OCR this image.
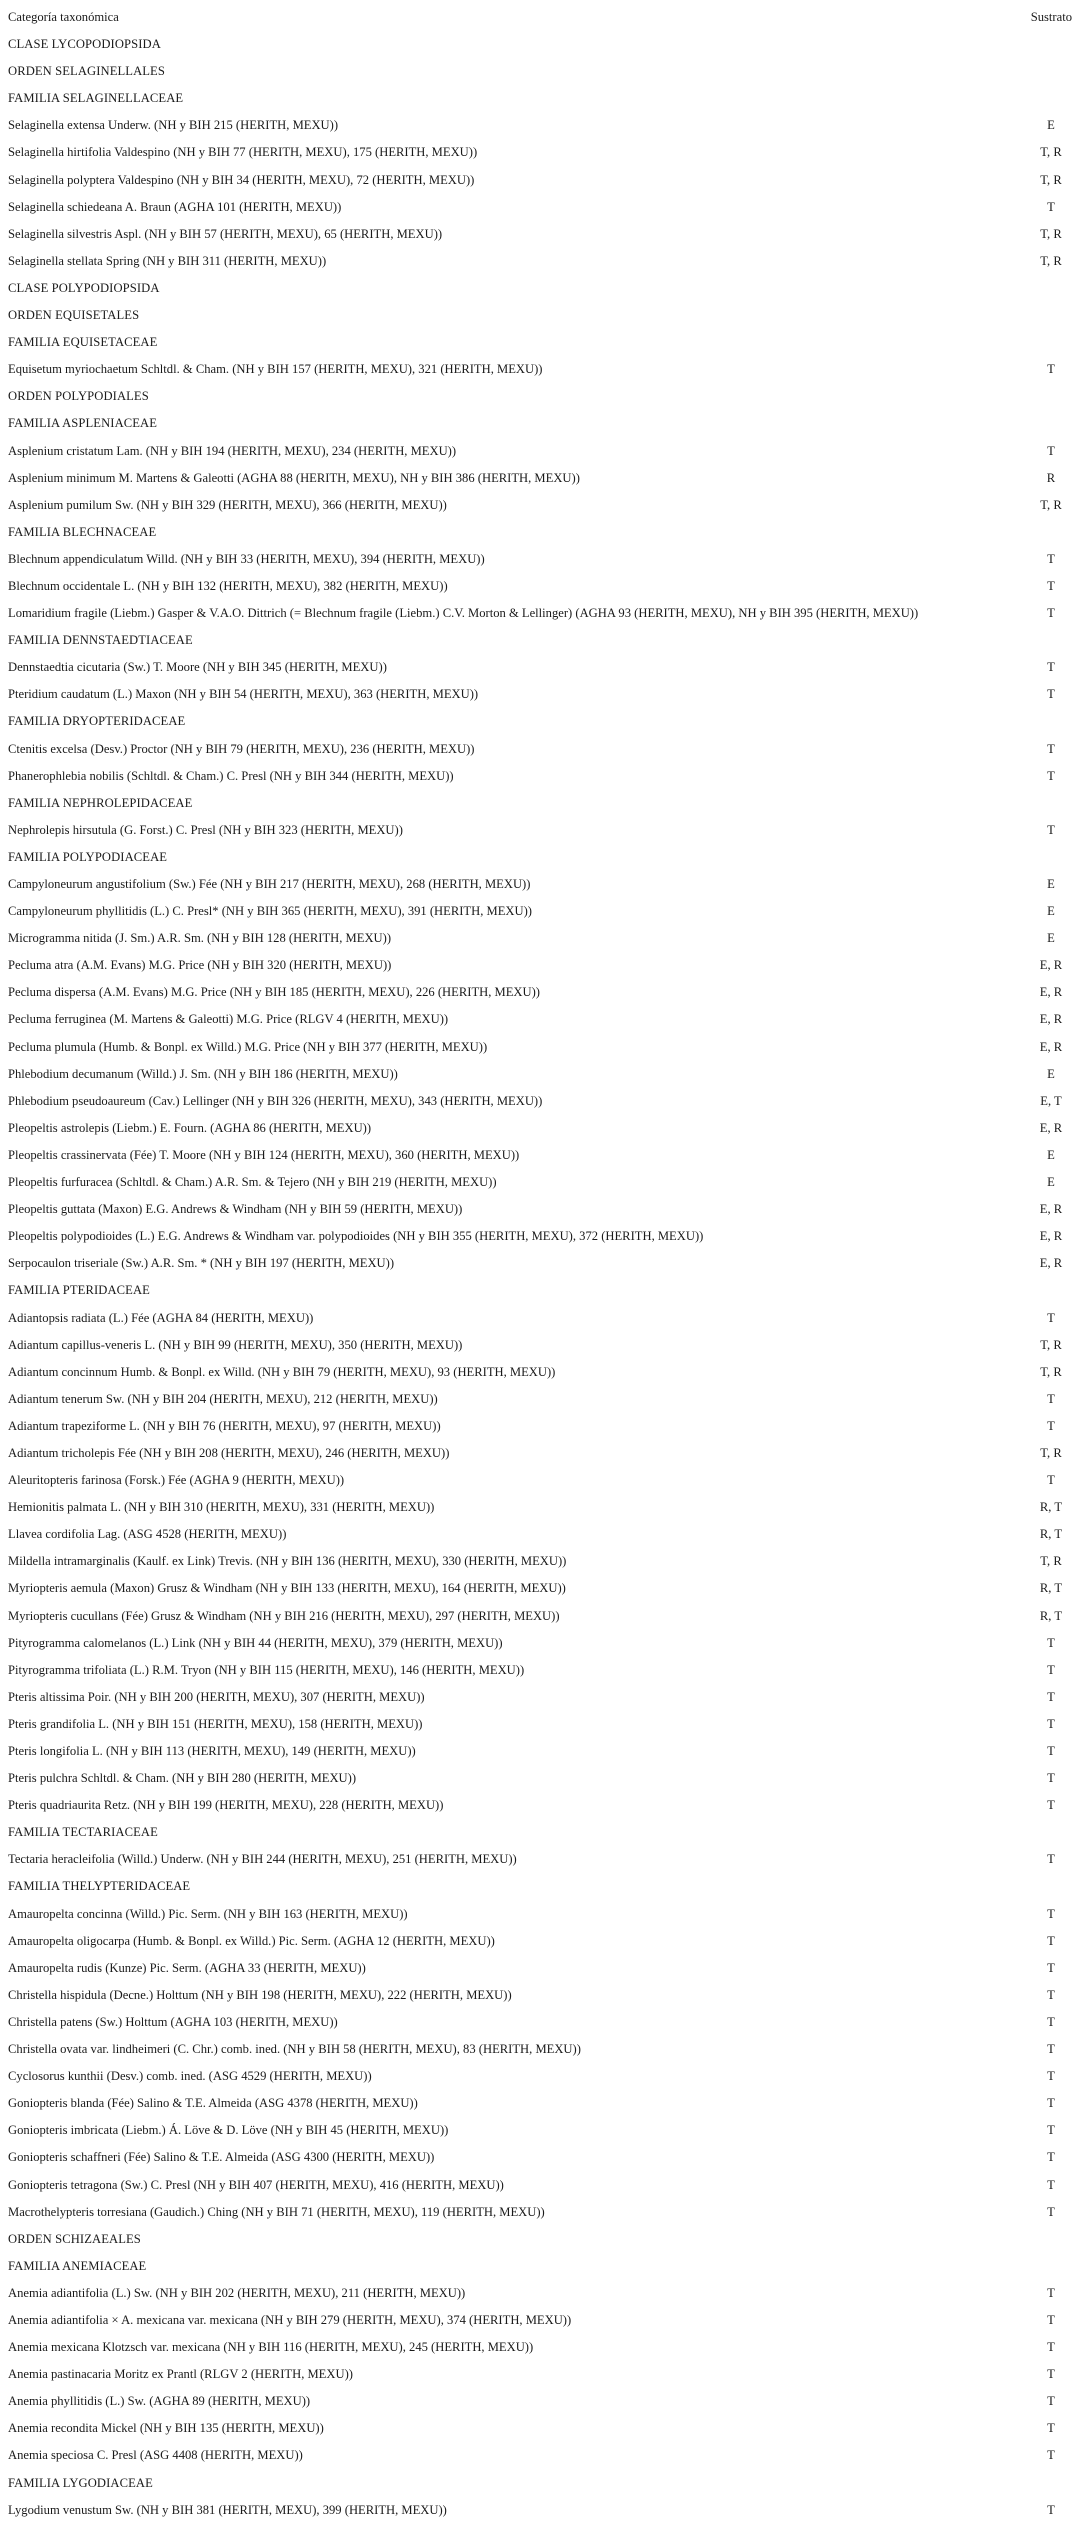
Categoría taxonómica	Sustrato
CLASE LYCOPODIOPSIDA
ORDEN SELAGINELLALES
FAMILIA SELAGINELLACEAE
Selaginella extensa Underw. (NH y BIH 215 (HERITH, MEXU))	E
Selaginella hirtifolia Valdespino (NH y BIH 77 (HERITH, MEXU), 175 (HERITH, MEXU))	T, R
Selaginella polyptera Valdespino (NH y BIH 34 (HERITH, MEXU), 72 (HERITH, MEXU))	T, R
Selaginella schiedeana A. Braun (AGHA 101 (HERITH, MEXU))	T
Selaginella silvestris Aspl. (NH y BIH 57 (HERITH, MEXU), 65 (HERITH, MEXU))	T, R
Selaginella stellata Spring (NH y BIH 311 (HERITH, MEXU))	T, R
CLASE POLYPODIOPSIDA
ORDEN EQUISETALES
FAMILIA EQUISETACEAE
Equisetum myriochaetum Schltdl. & Cham. (NH y BIH 157 (HERITH, MEXU), 321 (HERITH, MEXU))	T
ORDEN POLYPODIALES
FAMILIA ASPLENIACEAE
Asplenium cristatum Lam. (NH y BIH 194 (HERITH, MEXU), 234 (HERITH, MEXU))	T
Asplenium minimum M. Martens & Galeotti (AGHA 88 (HERITH, MEXU), NH y BIH 386 (HERITH, MEXU))	R
Asplenium pumilum Sw. (NH y BIH 329 (HERITH, MEXU), 366 (HERITH, MEXU))	T, R
FAMILIA BLECHNACEAE
Blechnum appendiculatum Willd. (NH y BIH 33 (HERITH, MEXU), 394 (HERITH, MEXU))	T
Blechnum occidentale L. (NH y BIH 132 (HERITH, MEXU), 382 (HERITH, MEXU))	T
Lomaridium fragile (Liebm.) Gasper & V.A.O. Dittrich (= Blechnum fragile (Liebm.) C.V. Morton & Lellinger) (AGHA 93 (HERITH, MEXU), NH y BIH 395 (HERITH, MEXU))	T
FAMILIA DENNSTAEDTIACEAE
Dennstaedtia cicutaria (Sw.) T. Moore (NH y BIH 345 (HERITH, MEXU))	T
Pteridium caudatum (L.) Maxon (NH y BIH 54 (HERITH, MEXU), 363 (HERITH, MEXU))	T
FAMILIA DRYOPTERIDACEAE
Ctenitis excelsa (Desv.) Proctor (NH y BIH 79 (HERITH, MEXU), 236 (HERITH, MEXU))	T
Phanerophlebia nobilis (Schltdl. & Cham.) C. Presl (NH y BIH 344 (HERITH, MEXU))	T
FAMILIA NEPHROLEPIDACEAE
Nephrolepis hirsutula (G. Forst.) C. Presl (NH y BIH 323 (HERITH, MEXU))	T
FAMILIA POLYPODIACEAE
Campyloneurum angustifolium (Sw.) Fée (NH y BIH 217 (HERITH, MEXU), 268 (HERITH, MEXU))	E
Campyloneurum phyllitidis (L.) C. Presl* (NH y BIH 365 (HERITH, MEXU), 391 (HERITH, MEXU))	E
Microgramma nitida (J. Sm.) A.R. Sm. (NH y BIH 128 (HERITH, MEXU))	E
Pecluma atra (A.M. Evans) M.G. Price (NH y BIH 320 (HERITH, MEXU))	E, R
Pecluma dispersa (A.M. Evans) M.G. Price (NH y BIH 185 (HERITH, MEXU), 226 (HERITH, MEXU))	E, R
Pecluma ferruginea (M. Martens & Galeotti) M.G. Price (RLGV 4 (HERITH, MEXU))	E, R
Pecluma plumula (Humb. & Bonpl. ex Willd.) M.G. Price (NH y BIH 377 (HERITH, MEXU))	E, R
Phlebodium decumanum (Willd.) J. Sm. (NH y BIH 186 (HERITH, MEXU))	E
Phlebodium pseudoaureum (Cav.) Lellinger (NH y BIH 326 (HERITH, MEXU), 343 (HERITH, MEXU))	E, T
Pleopeltis astrolepis (Liebm.) E. Fourn. (AGHA 86 (HERITH, MEXU))	E, R
Pleopeltis crassinervata (Fée) T. Moore (NH y BIH 124 (HERITH, MEXU), 360 (HERITH, MEXU))	E
Pleopeltis furfuracea (Schltdl. & Cham.) A.R. Sm. & Tejero (NH y BIH 219 (HERITH, MEXU))	E
Pleopeltis guttata (Maxon) E.G. Andrews & Windham (NH y BIH 59 (HERITH, MEXU))	E, R
Pleopeltis polypodioides (L.) E.G. Andrews & Windham var. polypodioides (NH y BIH 355 (HERITH, MEXU), 372 (HERITH, MEXU))	E, R
Serpocaulon triseriale (Sw.) A.R. Sm. * (NH y BIH 197 (HERITH, MEXU))	E, R
FAMILIA PTERIDACEAE
Adiantopsis radiata (L.) Fée (AGHA 84 (HERITH, MEXU))	T
Adiantum capillus-veneris L. (NH y BIH 99 (HERITH, MEXU), 350 (HERITH, MEXU))	T, R
Adiantum concinnum Humb. & Bonpl. ex Willd. (NH y BIH 79 (HERITH, MEXU), 93 (HERITH, MEXU))	T, R
Adiantum tenerum Sw. (NH y BIH 204 (HERITH, MEXU), 212 (HERITH, MEXU))	T
Adiantum trapeziforme L. (NH y BIH 76 (HERITH, MEXU), 97 (HERITH, MEXU))	T
Adiantum tricholepis Fée (NH y BIH 208 (HERITH, MEXU), 246 (HERITH, MEXU))	T, R
Aleuritopteris farinosa (Forsk.) Fée (AGHA 9 (HERITH, MEXU))	T
Hemionitis palmata L. (NH y BIH 310 (HERITH, MEXU), 331 (HERITH, MEXU))	R, T
Llavea cordifolia Lag. (ASG 4528 (HERITH, MEXU))	R, T
Mildella intramarginalis (Kaulf. ex Link) Trevis. (NH y BIH 136 (HERITH, MEXU), 330 (HERITH, MEXU))	T, R
Myriopteris aemula (Maxon) Grusz & Windham (NH y BIH 133 (HERITH, MEXU), 164 (HERITH, MEXU))	R, T
Myriopteris cucullans (Fée) Grusz & Windham (NH y BIH 216 (HERITH, MEXU), 297 (HERITH, MEXU))	R, T
Pityrogramma calomelanos (L.) Link (NH y BIH 44 (HERITH, MEXU), 379 (HERITH, MEXU))	T
Pityrogramma trifoliata (L.) R.M. Tryon (NH y BIH 115 (HERITH, MEXU), 146 (HERITH, MEXU))	T
Pteris altissima Poir. (NH y BIH 200 (HERITH, MEXU), 307 (HERITH, MEXU))	T
Pteris grandifolia L. (NH y BIH 151 (HERITH, MEXU), 158 (HERITH, MEXU))	T
Pteris longifolia L. (NH y BIH 113 (HERITH, MEXU), 149 (HERITH, MEXU))	T
Pteris pulchra Schltdl. & Cham. (NH y BIH 280 (HERITH, MEXU))	T
Pteris quadriaurita Retz. (NH y BIH 199 (HERITH, MEXU), 228 (HERITH, MEXU))	T
FAMILIA TECTARIACEAE
Tectaria heracleifolia (Willd.) Underw. (NH y BIH 244 (HERITH, MEXU), 251 (HERITH, MEXU))	T
FAMILIA THELYPTERIDACEAE
Amauropelta concinna (Willd.) Pic. Serm. (NH y BIH 163 (HERITH, MEXU))	T
Amauropelta oligocarpa (Humb. & Bonpl. ex Willd.) Pic. Serm. (AGHA 12 (HERITH, MEXU))	T
Amauropelta rudis (Kunze) Pic. Serm. (AGHA 33 (HERITH, MEXU))	T
Christella hispidula (Decne.) Holttum (NH y BIH 198 (HERITH, MEXU), 222 (HERITH, MEXU))	T
Christella patens (Sw.) Holttum (AGHA 103 (HERITH, MEXU))	T
Christella ovata var. lindheimeri (C. Chr.) comb. ined. (NH y BIH 58 (HERITH, MEXU), 83 (HERITH, MEXU))	T
Cyclosorus kunthii (Desv.) comb. ined. (ASG 4529 (HERITH, MEXU))	T
Goniopteris blanda (Fée) Salino & T.E. Almeida (ASG 4378 (HERITH, MEXU))	T
Goniopteris imbricata (Liebm.) Á. Löve & D. Löve (NH y BIH 45 (HERITH, MEXU))	T
Goniopteris schaffneri (Fée) Salino & T.E. Almeida (ASG 4300 (HERITH, MEXU))	T
Goniopteris tetragona (Sw.) C. Presl (NH y BIH 407 (HERITH, MEXU), 416 (HERITH, MEXU))	T
Macrothelypteris torresiana (Gaudich.) Ching (NH y BIH 71 (HERITH, MEXU), 119 (HERITH, MEXU))	T
ORDEN SCHIZAEALES
FAMILIA ANEMIACEAE
Anemia adiantifolia (L.) Sw. (NH y BIH 202 (HERITH, MEXU), 211 (HERITH, MEXU))	T
Anemia adiantifolia × A. mexicana var. mexicana (NH y BIH 279 (HERITH, MEXU), 374 (HERITH, MEXU))	T
Anemia mexicana Klotzsch var. mexicana (NH y BIH 116 (HERITH, MEXU), 245 (HERITH, MEXU))	T
Anemia pastinacaria Moritz ex Prantl (RLGV 2 (HERITH, MEXU))	T
Anemia phyllitidis (L.) Sw. (AGHA 89 (HERITH, MEXU))	T
Anemia recondita Mickel (NH y BIH 135 (HERITH, MEXU))	T
Anemia speciosa C. Presl (ASG 4408 (HERITH, MEXU))	T
FAMILIA LYGODIACEAE
Lygodium venustum Sw. (NH y BIH 381 (HERITH, MEXU), 399 (HERITH, MEXU))	T
